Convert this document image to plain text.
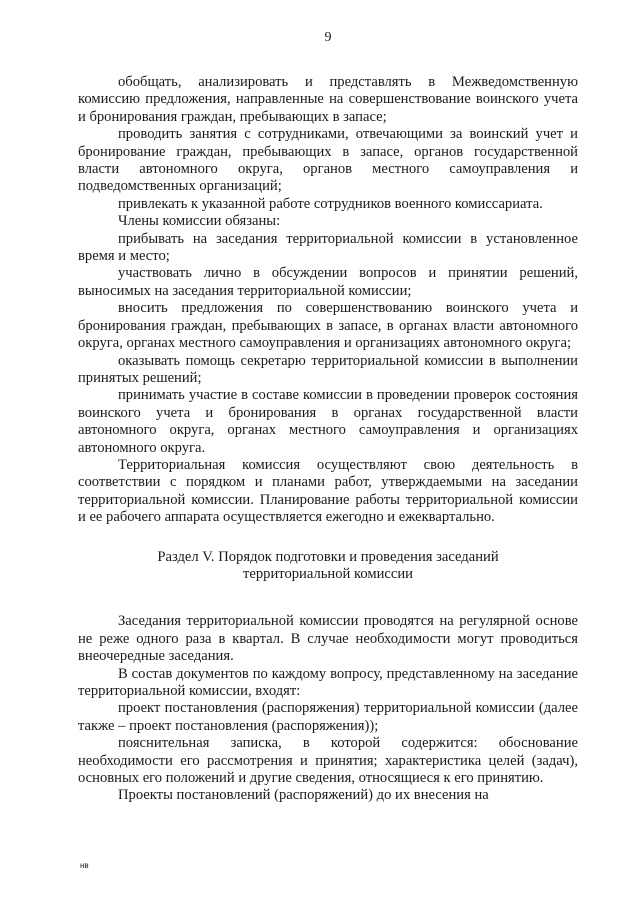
9

обобщать, анализировать и представлять в Межведомственную комиссию предложения, направленные на совершенствование воинского учета и бронирования граждан, пребывающих в запасе;

проводить занятия с сотрудниками, отвечающими за воинский учет и бронирование граждан, пребывающих в запасе, органов государственной власти автономного округа, органов местного самоуправления и подведомственных организаций;

привлекать к указанной работе сотрудников военного комиссариата.

Члены комиссии обязаны:

прибывать на заседания территориальной комиссии в установленное время и место;

участвовать лично в обсуждении вопросов и принятии решений, выносимых на заседания территориальной комиссии;

вносить предложения по совершенствованию воинского учета и бронирования граждан, пребывающих в запасе, в органах власти автономного округа, органах местного самоуправления и организациях автономного округа;

оказывать помощь секретарю территориальной комиссии в выполнении принятых решений;

принимать участие в составе комиссии в проведении проверок состояния воинского учета и бронирования в органах государственной власти автономного округа, органах местного самоуправления и организациях автономного округа.

Территориальная комиссия осуществляют свою деятельность в соответствии с порядком и планами работ, утверждаемыми на заседании территориальной комиссии. Планирование работы территориальной комиссии и ее рабочего аппарата осуществляется ежегодно и ежеквартально.

Раздел V. Порядок подготовки и проведения заседаний
территориальной комиссии

Заседания территориальной комиссии проводятся на регулярной основе не реже одного раза в квартал. В случае необходимости могут проводиться внеочередные заседания.

В состав документов по каждому вопросу, представленному на заседание территориальной комиссии, входят:

проект постановления (распоряжения) территориальной комиссии (далее также – проект постановления (распоряжения));

пояснительная записка, в которой содержится: обоснование необходимости его рассмотрения и принятия; характеристика целей (задач), основных его положений и другие сведения, относящиеся к его принятию.

Проекты постановлений (распоряжений) до их внесения на

нв
